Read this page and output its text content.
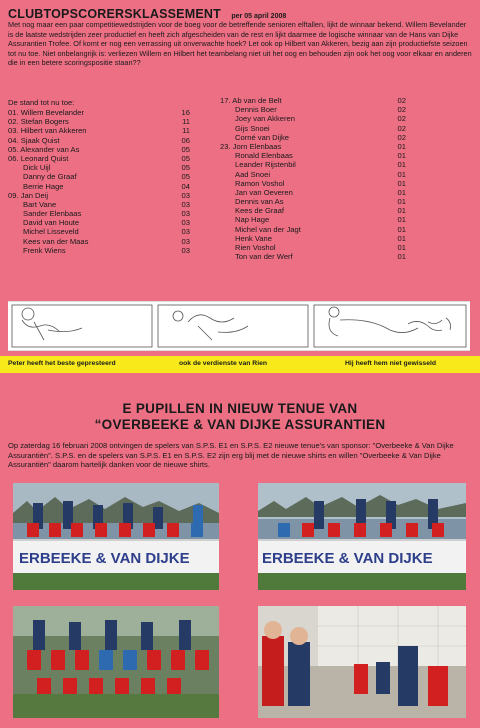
CLUBTOPSCORERSKLASSEMENT per 05 april 2008
Met nog maar een paar competitiewedstrijden voor de boeg voor de betreffende senioren elftallen, lijkt de winnaar bekend. Willem Bevelander is de laatste wedstrijden zeer productief en heeft zich afgescheiden van de rest en lijkt daarmee de logische winnaar van de Hans van Dijke Assurantien Trofee. Of komt er nog een verrassing uit onverwachte hoek? Let ook op Hilbert van Akkeren, bezig aan zijn productiefste seizoen tot nu toe. Niet onbelangrijk is: verliezen Willem en Hilbert het teambelang niet uit het oog en behouden zijn ook het oog voor elkaar en anderen die in een betere scoringspositie staan??
De stand tot nu toe:
01. Willem Bevelander	16
02. Stefan Bogers	11
03. Hilbert van Akkeren	11
04. Sjaak Quist	06
05. Alexander van As	05
06. Leonard Quist	05
Dick Uijl	05
Danny de Graaf	05
Berrie Hage	04
09. Jan Deij	03
Bart Vane	03
Sander Elenbaas	03
David van Houte	03
Michel Lisseveld	03
Kees van der Maas	03
Frenk Wiens	03
17. Ab van de Belt	02
Dennis Boer	02
Joey van Akkeren	02
Gijs Snoei	02
Corné van Dijke	02
23. Jorn Elenbaas	01
Ronald Elenbaas	01
Leander Rijstenbil	01
Aad Snoei	01
Ramon Voshol	01
Jan van Oeveren	01
Dennis van As	01
Kees de Graaf	01
Nap Hage	01
Michel van der Jagt	01
Henk Vane	01
Rien Voshol	01
Ton van der Werf	01
Peter heeft het beste gepresteerd	ook de verdienste van Rien	Hij heeft hem niet gewisseld
E PUPILLEN IN NIEUW TENUE VAN
“OVERBEEKE & VAN DIJKE ASSURANTIEN
Op zaterdag 16 februari 2008 ontvingen de spelers van S.P.S. E1 en S.P.S. E2 nieuwe tenue's van sponsor: "Overbeeke & Van Dijke Assurantiën". S.P.S. en de spelers van S.P.S. E1 en S.P.S. E2 zijn erg blij met de nieuwe shirts en willen "Overbeeke & Van Dijke Assurantiën" daarom hartelijk danken voor de nieuwe shirts.
ERBEEKE & VAN DIJKE	ERBEEKE & VAN DIJKE
